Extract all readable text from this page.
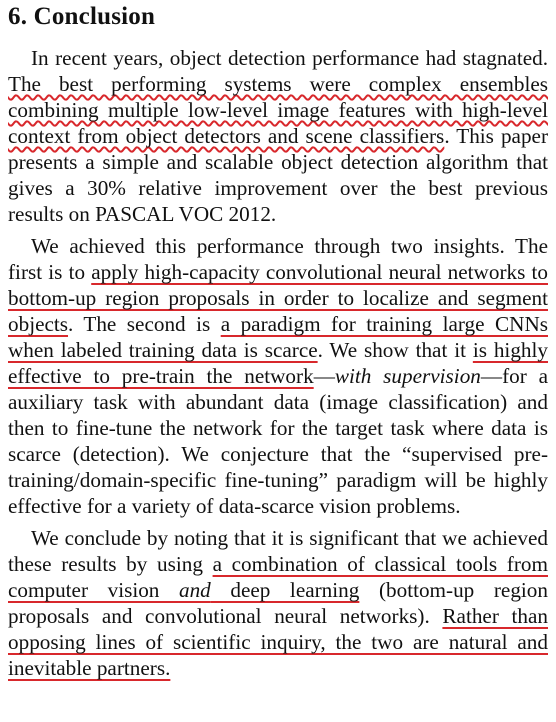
6. Conclusion

In recent years, object detection performance had stagnated. The best performing systems were complex ensembles combining multiple low-level image features with high-level context from object detectors and scene classifiers. This paper presents a simple and scalable object detection algorithm that gives a 30% relative improvement over the best previous results on PASCAL VOC 2012.

We achieved this performance through two insights. The first is to apply high-capacity convolutional neural networks to bottom-up region proposals in order to localize and segment objects. The second is a paradigm for training large CNNs when labeled training data is scarce. We show that it is highly effective to pre-train the network—with supervision—for a auxiliary task with abundant data (image classification) and then to fine-tune the network for the target task where data is scarce (detection). We conjecture that the “supervised pre-training/domain-specific fine-tuning” paradigm will be highly effective for a variety of data-scarce vision problems.

We conclude by noting that it is significant that we achieved these results by using a combination of classical tools from computer vision and deep learning (bottom-up region proposals and convolutional neural networks). Rather than opposing lines of scientific inquiry, the two are natural and inevitable partners.
